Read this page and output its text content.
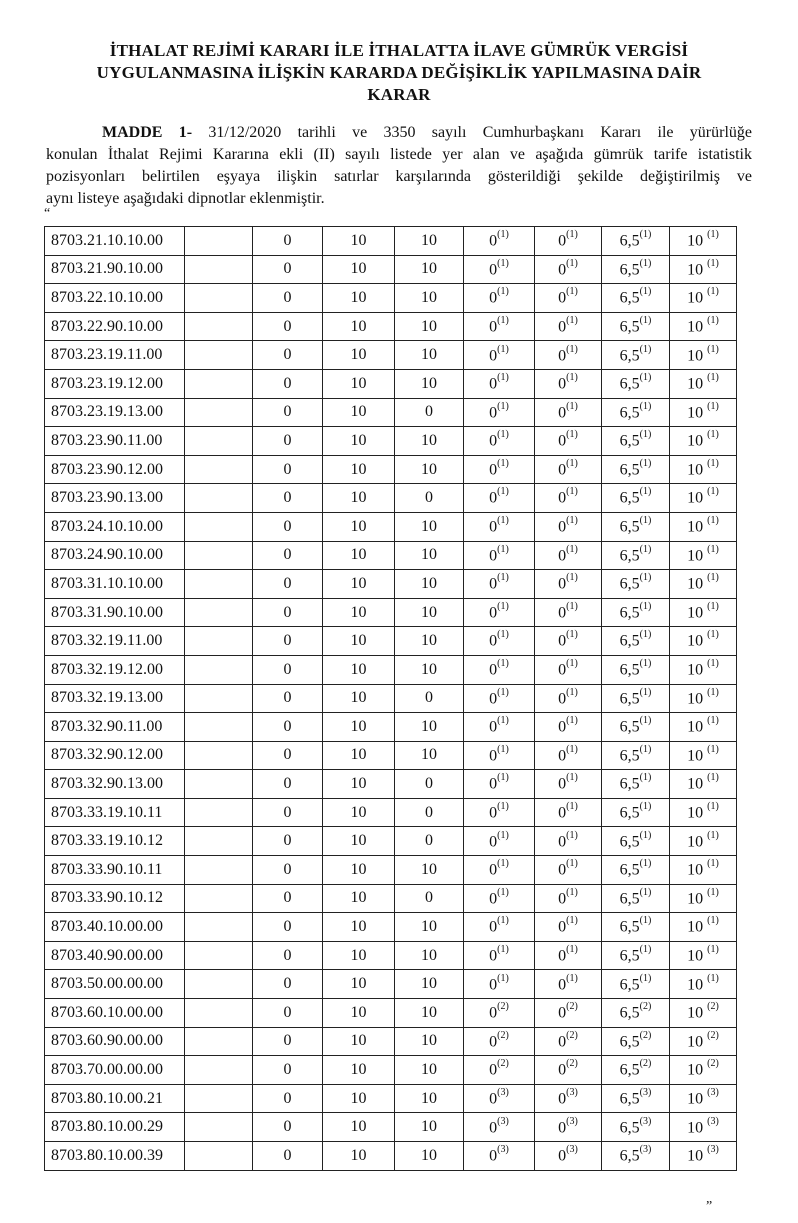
İTHALAT REJİMİ KARARI İLE İTHALATTA İLAVE GÜMRÜK VERGİSİ
UYGULANMASINA İLİŞKİN KARARDA DEĞİŞİKLİK YAPILMASINA DAİR
KARAR
MADDE 1- 31/12/2020 tarihli ve 3350 sayılı Cumhurbaşkanı Kararı ile yürürlüğe
konulan İthalat Rejimi Kararına ekli (II) sayılı listede yer alan ve aşağıda gümrük tarife istatistik
pozisyonları belirtilen eşyaya ilişkin satırlar karşılarında gösterildiği şekilde değiştirilmiş ve
aynı listeye aşağıdaki dipnotlar eklenmiştir.
“
8703.21.10.10.00		0	10	10	0$^{(1)}$	0$^{(1)}$	6,5$^{(1)}$	10 $^{(1)}$
8703.21.90.10.00		0	10	10	0$^{(1)}$	0$^{(1)}$	6,5$^{(1)}$	10 $^{(1)}$
8703.22.10.10.00		0	10	10	0$^{(1)}$	0$^{(1)}$	6,5$^{(1)}$	10 $^{(1)}$
8703.22.90.10.00		0	10	10	0$^{(1)}$	0$^{(1)}$	6,5$^{(1)}$	10 $^{(1)}$
8703.23.19.11.00		0	10	10	0$^{(1)}$	0$^{(1)}$	6,5$^{(1)}$	10 $^{(1)}$
8703.23.19.12.00		0	10	10	0$^{(1)}$	0$^{(1)}$	6,5$^{(1)}$	10 $^{(1)}$
8703.23.19.13.00		0	10	0	0$^{(1)}$	0$^{(1)}$	6,5$^{(1)}$	10 $^{(1)}$
8703.23.90.11.00		0	10	10	0$^{(1)}$	0$^{(1)}$	6,5$^{(1)}$	10 $^{(1)}$
8703.23.90.12.00		0	10	10	0$^{(1)}$	0$^{(1)}$	6,5$^{(1)}$	10 $^{(1)}$
8703.23.90.13.00		0	10	0	0$^{(1)}$	0$^{(1)}$	6,5$^{(1)}$	10 $^{(1)}$
8703.24.10.10.00		0	10	10	0$^{(1)}$	0$^{(1)}$	6,5$^{(1)}$	10 $^{(1)}$
8703.24.90.10.00		0	10	10	0$^{(1)}$	0$^{(1)}$	6,5$^{(1)}$	10 $^{(1)}$
8703.31.10.10.00		0	10	10	0$^{(1)}$	0$^{(1)}$	6,5$^{(1)}$	10 $^{(1)}$
8703.31.90.10.00		0	10	10	0$^{(1)}$	0$^{(1)}$	6,5$^{(1)}$	10 $^{(1)}$
8703.32.19.11.00		0	10	10	0$^{(1)}$	0$^{(1)}$	6,5$^{(1)}$	10 $^{(1)}$
8703.32.19.12.00		0	10	10	0$^{(1)}$	0$^{(1)}$	6,5$^{(1)}$	10 $^{(1)}$
8703.32.19.13.00		0	10	0	0$^{(1)}$	0$^{(1)}$	6,5$^{(1)}$	10 $^{(1)}$
8703.32.90.11.00		0	10	10	0$^{(1)}$	0$^{(1)}$	6,5$^{(1)}$	10 $^{(1)}$
8703.32.90.12.00		0	10	10	0$^{(1)}$	0$^{(1)}$	6,5$^{(1)}$	10 $^{(1)}$
8703.32.90.13.00		0	10	0	0$^{(1)}$	0$^{(1)}$	6,5$^{(1)}$	10 $^{(1)}$
8703.33.19.10.11		0	10	0	0$^{(1)}$	0$^{(1)}$	6,5$^{(1)}$	10 $^{(1)}$
8703.33.19.10.12		0	10	0	0$^{(1)}$	0$^{(1)}$	6,5$^{(1)}$	10 $^{(1)}$
8703.33.90.10.11		0	10	10	0$^{(1)}$	0$^{(1)}$	6,5$^{(1)}$	10 $^{(1)}$
8703.33.90.10.12		0	10	0	0$^{(1)}$	0$^{(1)}$	6,5$^{(1)}$	10 $^{(1)}$
8703.40.10.00.00		0	10	10	0$^{(1)}$	0$^{(1)}$	6,5$^{(1)}$	10 $^{(1)}$
8703.40.90.00.00		0	10	10	0$^{(1)}$	0$^{(1)}$	6,5$^{(1)}$	10 $^{(1)}$
8703.50.00.00.00		0	10	10	0$^{(1)}$	0$^{(1)}$	6,5$^{(1)}$	10 $^{(1)}$
8703.60.10.00.00		0	10	10	0$^{(2)}$	0$^{(2)}$	6,5$^{(2)}$	10 $^{(2)}$
8703.60.90.00.00		0	10	10	0$^{(2)}$	0$^{(2)}$	6,5$^{(2)}$	10 $^{(2)}$
8703.70.00.00.00		0	10	10	0$^{(2)}$	0$^{(2)}$	6,5$^{(2)}$	10 $^{(2)}$
8703.80.10.00.21		0	10	10	0$^{(3)}$	0$^{(3)}$	6,5$^{(3)}$	10 $^{(3)}$
8703.80.10.00.29		0	10	10	0$^{(3)}$	0$^{(3)}$	6,5$^{(3)}$	10 $^{(3)}$
8703.80.10.00.39		0	10	10	0$^{(3)}$	0$^{(3)}$	6,5$^{(3)}$	10 $^{(3)}$
”
